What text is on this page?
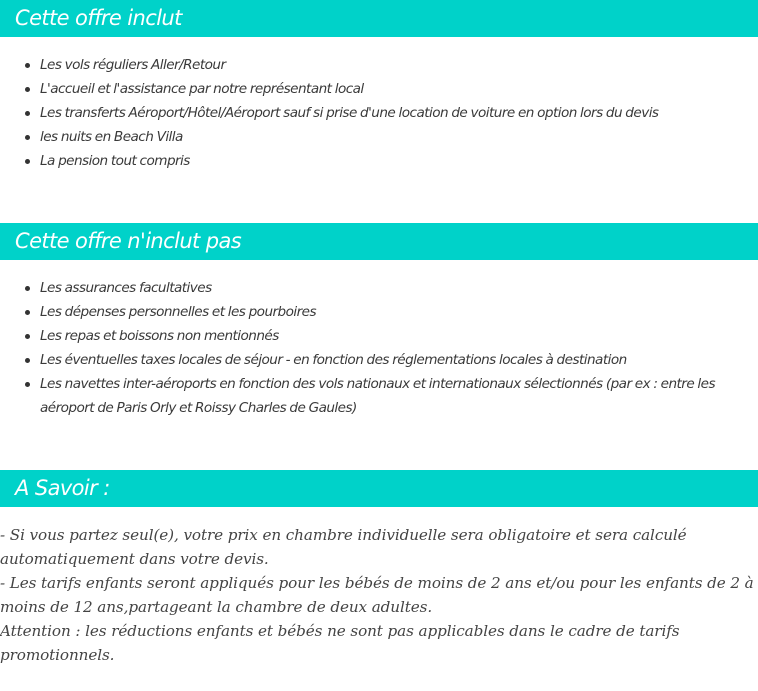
Cette offre inclut
Les vols réguliers Aller/Retour
L'accueil et l'assistance par notre représentant local
Les transferts Aéroport/Hôtel/Aéroport sauf si prise d'une location de voiture en option lors du devis
les nuits en Beach Villa
La pension tout compris
Cette offre n'inclut pas
Les assurances facultatives
Les dépenses personnelles et les pourboires
Les repas et boissons non mentionnés
Les éventuelles taxes locales de séjour - en fonction des réglementations locales à destination
Les navettes inter-aéroports en fonction des vols nationaux et internationaux sélectionnés (par ex : entre les aéroport de Paris Orly et Roissy Charles de Gaules)
A Savoir :

- Si vous partez seul(e), votre prix en chambre individuelle sera obligatoire et sera calculé automatiquement dans votre devis.

- Les tarifs enfants seront appliqués pour les bébés de moins de 2 ans et/ou pour les enfants de 2 à moins de 12 ans,partageant la chambre de deux adultes.

Attention : les réductions enfants et bébés ne sont pas applicables dans le cadre de tarifs promotionnels.
